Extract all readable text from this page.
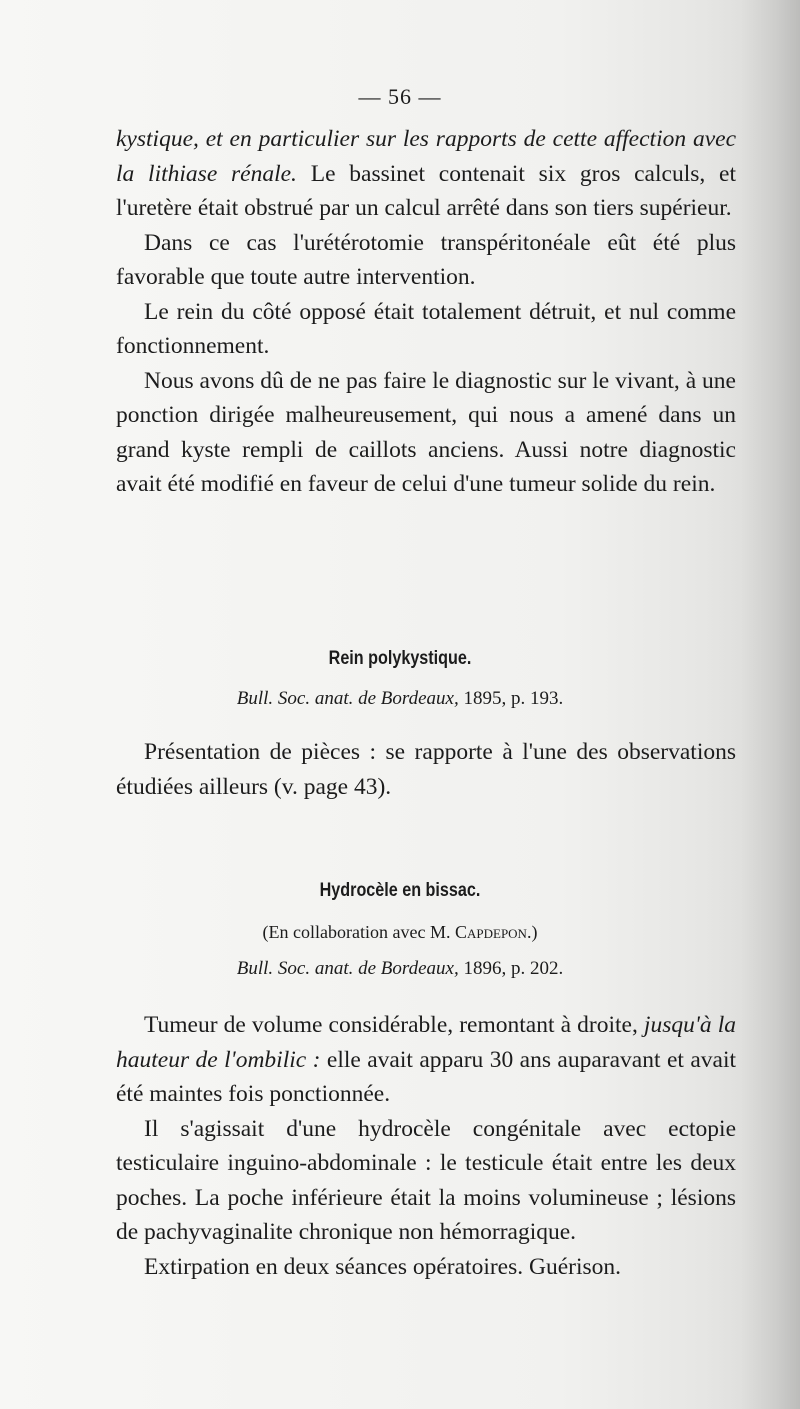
— 56 —

kystique, et en particulier sur les rapports de cette affection avec la lithiase rénale. Le bassinet contenait six gros calculs, et l'uretère était obstrué par un calcul arrêté dans son tiers supérieur.

Dans ce cas l'urétérotomie transpéritonéale eût été plus favorable que toute autre intervention.

Le rein du côté opposé était totalement détruit, et nul comme fonctionnement.

Nous avons dû de ne pas faire le diagnostic sur le vivant, à une ponction dirigée malheureusement, qui nous a amené dans un grand kyste rempli de caillots anciens. Aussi notre diagnostic avait été modifié en faveur de celui d'une tumeur solide du rein.

Rein polykystique.
Bull. Soc. anat. de Bordeaux, 1895, p. 193.

Présentation de pièces : se rapporte à l'une des observations étudiées ailleurs (v. page 43).

Hydrocèle en bissac.
(En collaboration avec M. Capdepon.)
Bull. Soc. anat. de Bordeaux, 1896, p. 202.

Tumeur de volume considérable, remontant à droite, jusqu'à la hauteur de l'ombilic : elle avait apparu 30 ans auparavant et avait été maintes fois ponctionnée.

Il s'agissait d'une hydrocèle congénitale avec ectopie testiculaire inguino-abdominale : le testicule était entre les deux poches. La poche inférieure était la moins volumineuse ; lésions de pachyvaginalite chronique non hémorragique.

Extirpation en deux séances opératoires. Guérison.
